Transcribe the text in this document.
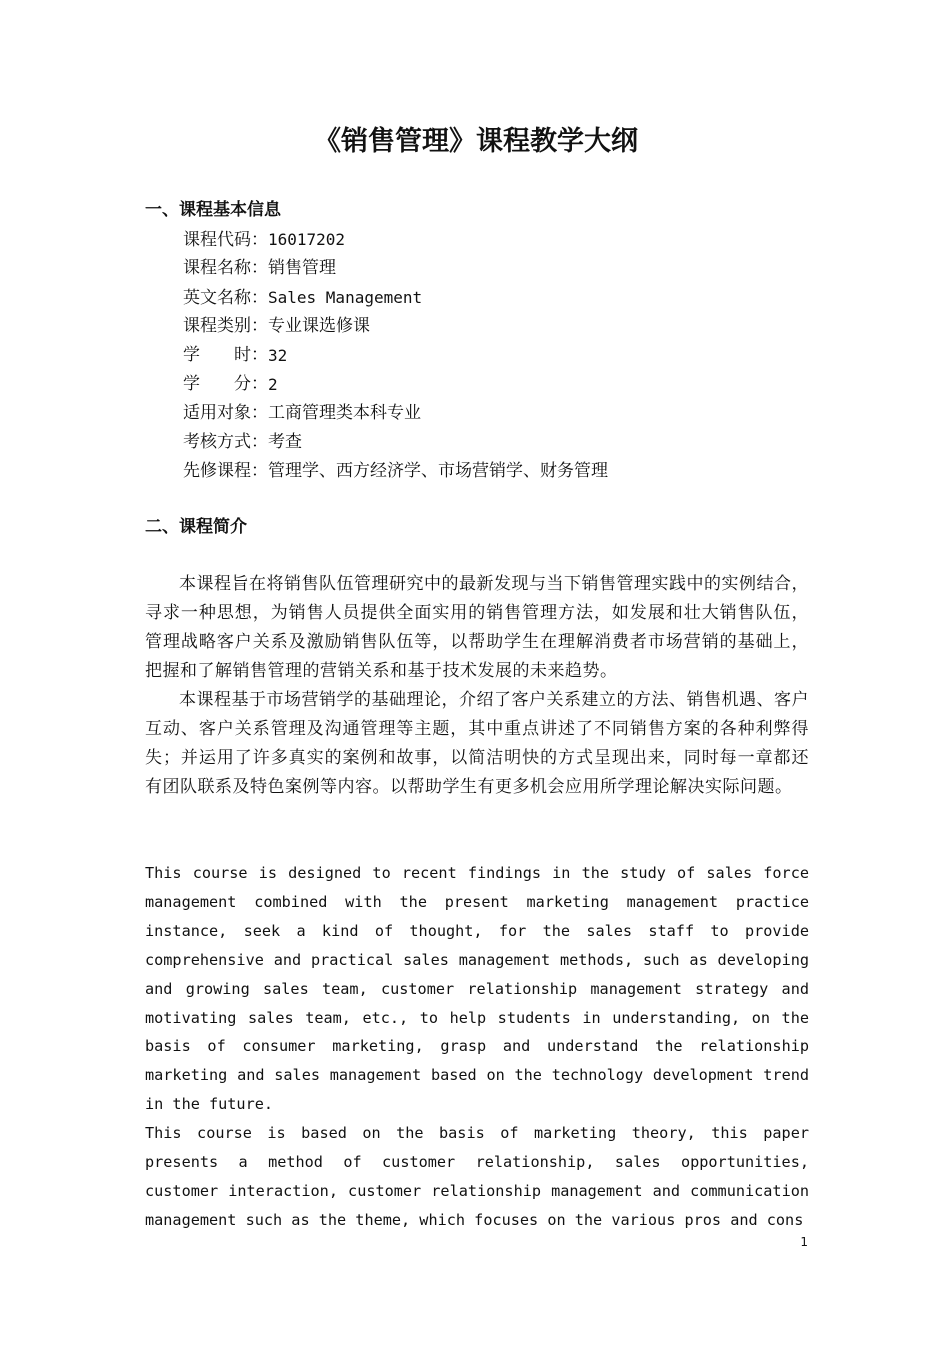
《销售管理》课程教学大纲
一、课程基本信息
课程代码：16017202
课程名称：销售管理
英文名称：Sales Management
课程类别：专业课选修课
学 时： 32
学 分： 2
适用对象：工商管理类本科专业
考核方式：考查
先修课程：管理学、西方经济学、市场营销学、财务管理
二、课程简介

本课程旨在将销售队伍管理研究中的最新发现与当下销售管理实践中的实例结合，寻求一种思想，为销售人员提供全面实用的销售管理方法，如发展和壮大销售队伍，管理战略客户关系及激励销售队伍等，以帮助学生在理解消费者市场营销的基础上，把握和了解销售管理的营销关系和基于技术发展的未来趋势。

本课程基于市场营销学的基础理论，介绍了客户关系建立的方法、销售机遇、客户互动、客户关系管理及沟通管理等主题，其中重点讲述了不同销售方案的各种利弊得失；并运用了许多真实的案例和故事，以简洁明快的方式呈现出来，同时每一章都还有团队联系及特色案例等内容。以帮助学生有更多机会应用所学理论解决实际问题。

This course is designed to recent findings in the study of sales force management combined with the present marketing management practice instance, seek a kind of thought, for the sales staff to provide comprehensive and practical sales management methods, such as developing and growing sales team, customer relationship management strategy and motivating sales team, etc., to help students in understanding, on the basis of consumer marketing, grasp and understand the relationship marketing and sales management based on the technology development trend in the future.

This course is based on the basis of marketing theory, this paper presents a method of customer relationship, sales opportunities, customer interaction, customer relationship management and communication management such as the theme, which focuses on the various pros and cons

1
